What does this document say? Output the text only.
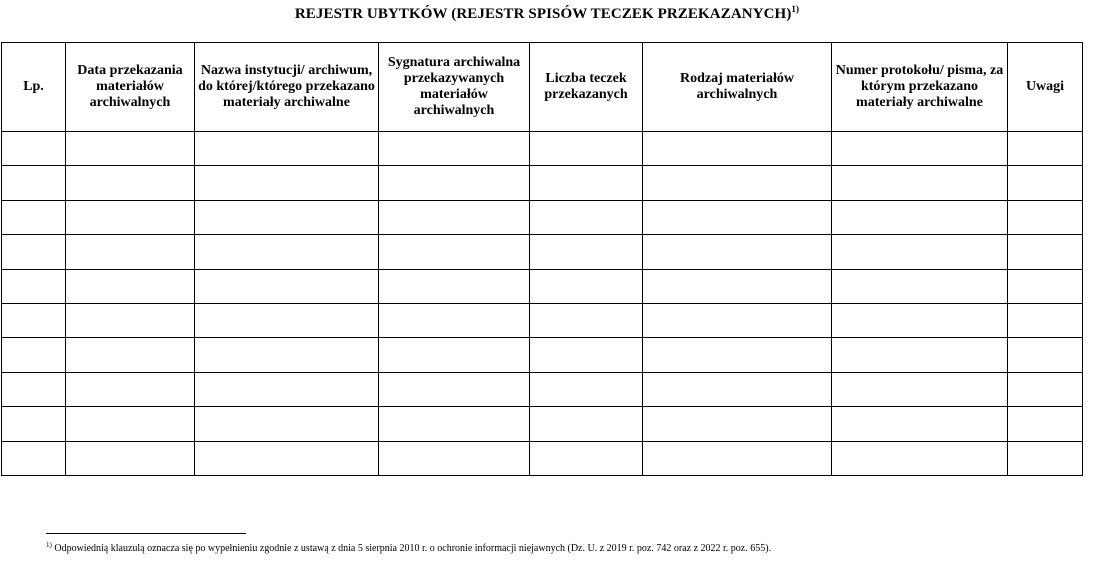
REJESTR UBYTKÓW (REJESTR SPISÓW TECZEK PRZEKAZANYCH)$^{1)}$
Lp.	Data przekazania materiałów archiwalnych	Nazwa instytucji/ archiwum, do której/którego przekazano materiały archiwalne	Sygnatura archiwalna przekazywanych materiałów archiwalnych	Liczba teczek przekazanych	Rodzaj materiałów archiwalnych	Numer protokołu/ pisma, za którym przekazano materiały archiwalne	Uwagi

$^{1)}$ Odpowiednią klauzulą oznacza się po wypełnieniu zgodnie z ustawą z dnia 5 sierpnia 2010 r. o ochronie informacji niejawnych (Dz. U. z 2019 r. poz. 742 oraz z 2022 r. poz. 655).
